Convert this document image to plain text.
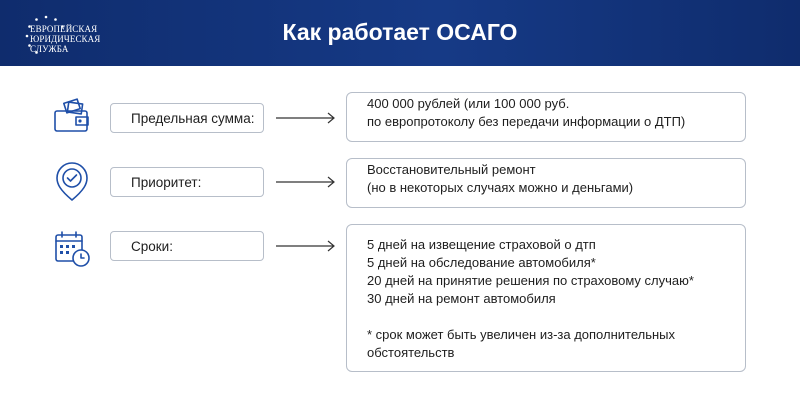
ЕВРОПЕЙСКАЯ
ЮРИДИЧЕСКАЯ
СЛУЖБА
Как работает ОСАГО
Предельная сумма:
400 000 рублей (или 100 000 руб.
по европротоколу без передачи информации о ДТП)
Приоритет:
Восстановительный ремонт
(но в некоторых случаях можно и деньгами)
Сроки:	5 дней на извещение страховой о дтп
5 дней на обследование автомобиля*
20 дней на принятие решения по страховому случаю*
30 дней на ремонт автомобиля
* срок может быть увеличен из-за дополнительных
обстоятельств
